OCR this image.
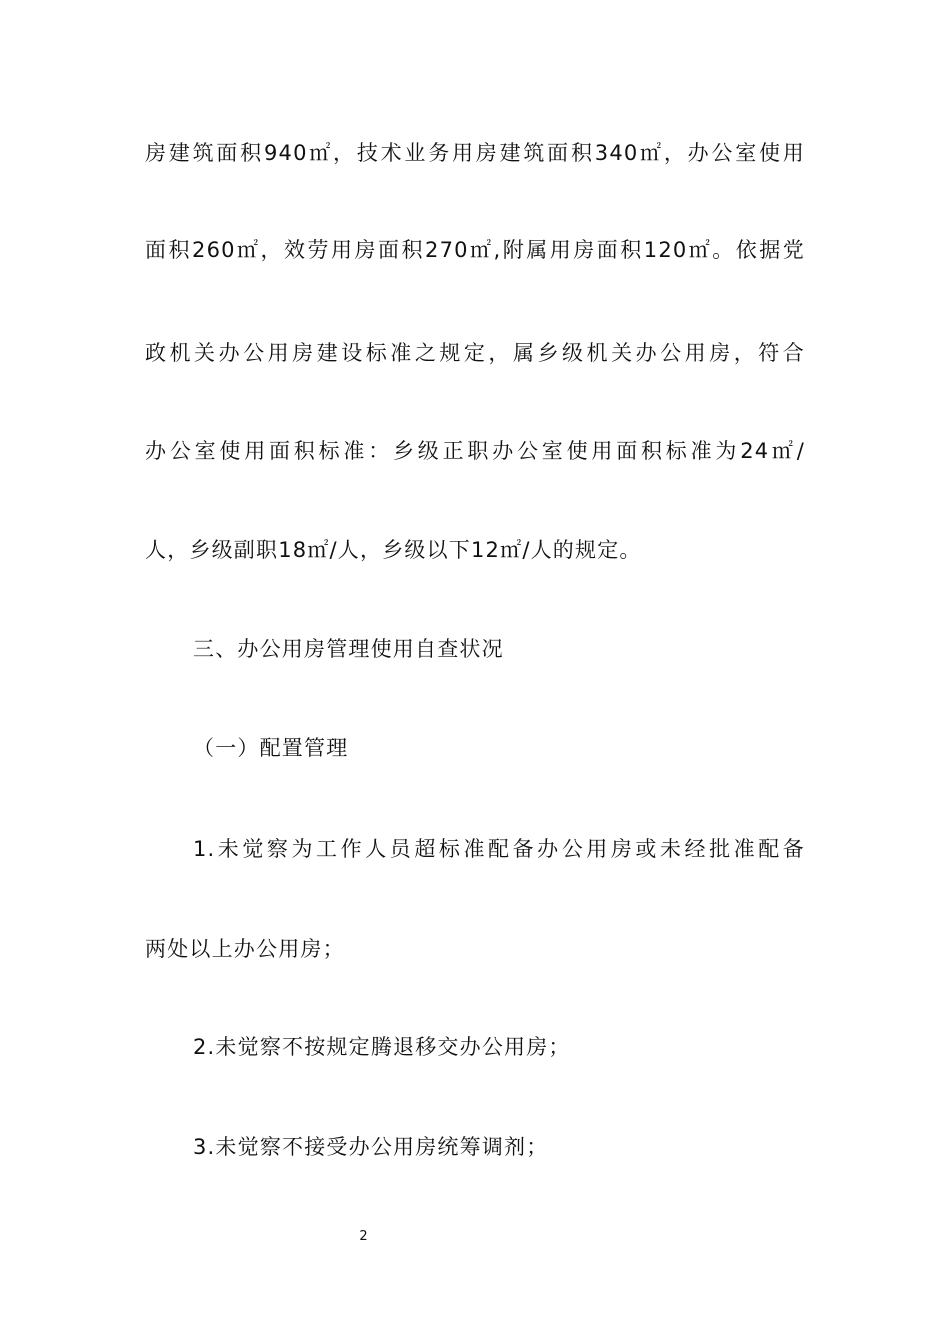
房建筑面积940㎡，技术业务用房建筑面积340㎡，办公室使用
面积260㎡，效劳用房面积270㎡,附属用房面积120㎡。依据党
政机关办公用房建设标准之规定，属乡级机关办公用房，符合
办公室使用面积标准：乡级正职办公室使用面积标准为24㎡/
人，乡级副职18㎡/人，乡级以下12㎡/人的规定。
三、办公用房管理使用自查状况
（一）配置管理
1.未觉察为工作人员超标准配备办公用房或未经批准配备
两处以上办公用房；
2.未觉察不按规定腾退移交办公用房；
3.未觉察不接受办公用房统筹调剂；
2
